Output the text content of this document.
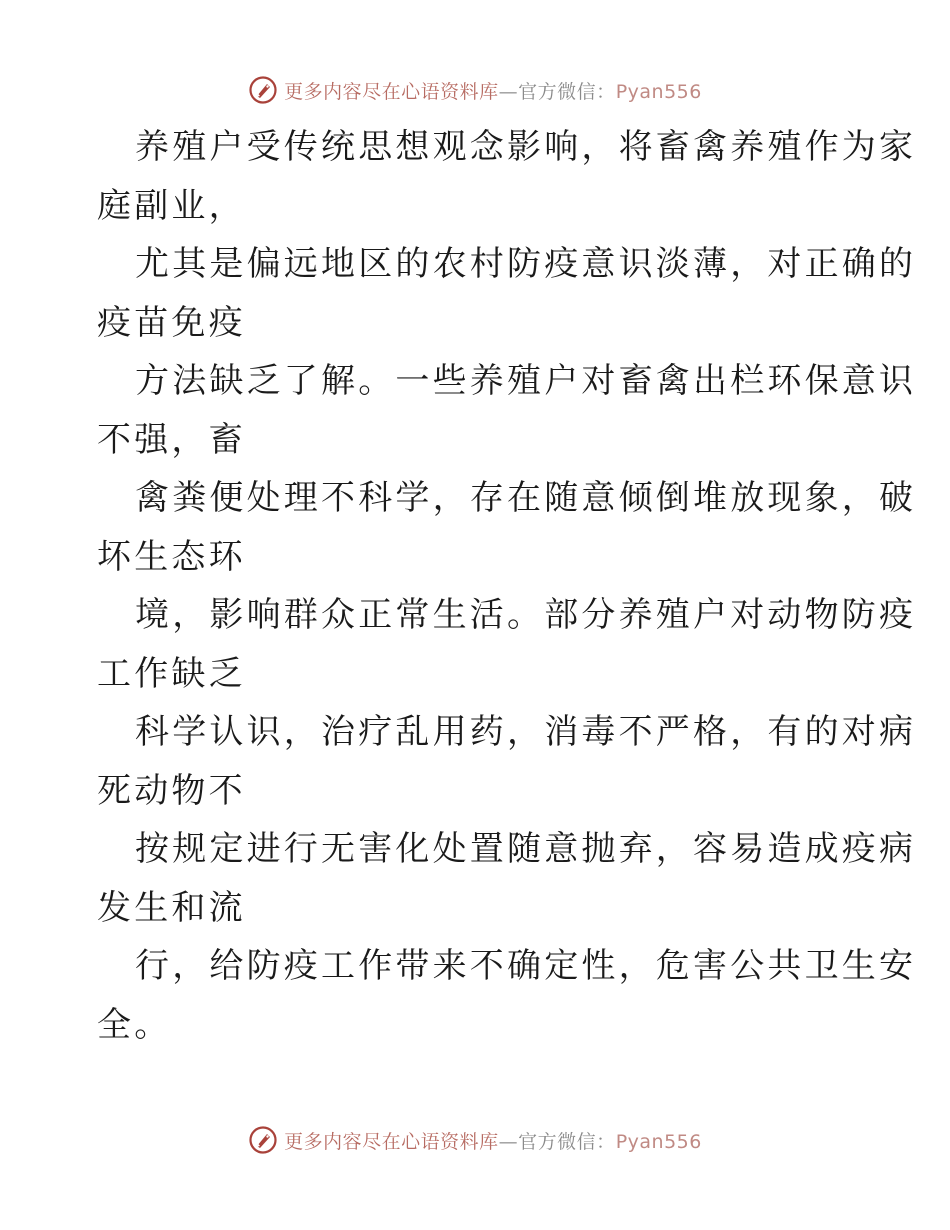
更多内容尽在心语资料库—官方微信：Pyan556

养殖户受传统思想观念影响，将畜禽养殖作为家

庭副业，

尤其是偏远地区的农村防疫意识淡薄，对正确的

疫苗免疫

方法缺乏了解。一些养殖户对畜禽出栏环保意识

不强，畜

禽粪便处理不科学，存在随意倾倒堆放现象，破

坏生态环

境，影响群众正常生活。部分养殖户对动物防疫

工作缺乏

科学认识，治疗乱用药，消毒不严格，有的对病

死动物不

按规定进行无害化处置随意抛弃，容易造成疫病

发生和流

行，给防疫工作带来不确定性，危害公共卫生安

全。

更多内容尽在心语资料库—官方微信：Pyan556
